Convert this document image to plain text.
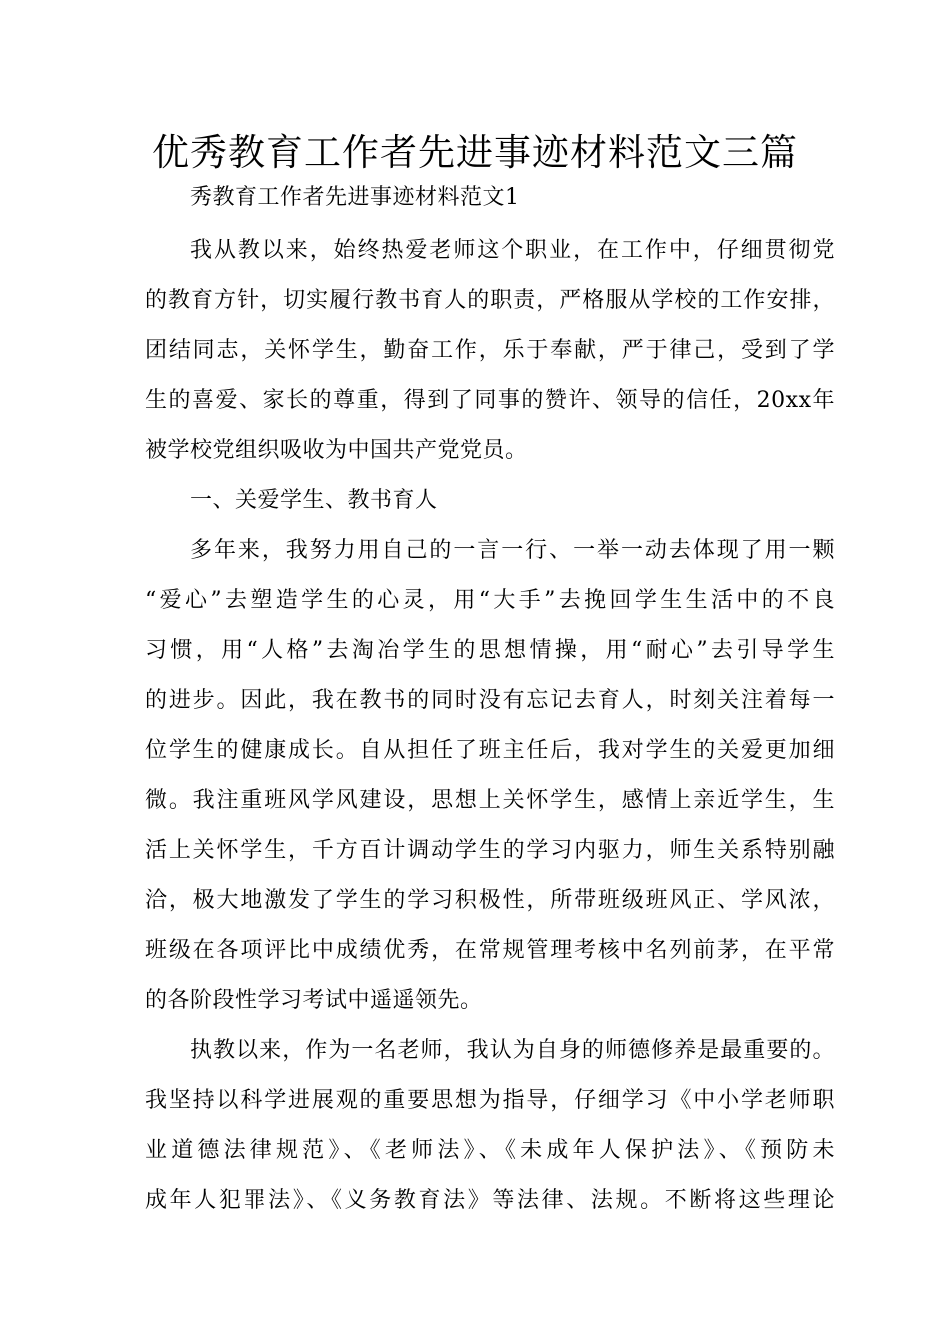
优秀教育工作者先进事迹材料范文三篇
秀教育工作者先进事迹材料范文1
我从教以来，始终热爱老师这个职业，在工作中，仔细贯彻党
的教育方针，切实履行教书育人的职责，严格服从学校的工作安排，
团结同志，关怀学生，勤奋工作，乐于奉献，严于律己，受到了学
生的喜爱、家长的尊重，得到了同事的赞许、领导的信任，20xx年
被学校党组织吸收为中国共产党党员。
一、关爱学生、教书育人
多年来，我努力用自己的一言一行、一举一动去体现了用一颗
“爱心”去塑造学生的心灵，用“大手”去挽回学生生活中的不良
习惯，用“人格”去淘冶学生的思想情操，用“耐心”去引导学生
的进步。因此，我在教书的同时没有忘记去育人，时刻关注着每一
位学生的健康成长。自从担任了班主任后，我对学生的关爱更加细
微。我注重班风学风建设，思想上关怀学生，感情上亲近学生，生
活上关怀学生，千方百计调动学生的学习内驱力，师生关系特别融
洽，极大地激发了学生的学习积极性，所带班级班风正、学风浓，
班级在各项评比中成绩优秀，在常规管理考核中名列前茅，在平常
的各阶段性学习考试中遥遥领先。
执教以来，作为一名老师，我认为自身的师德修养是最重要的。
我坚持以科学进展观的重要思想为指导，仔细学习《中小学老师职
业道德法律规范》、《老师法》、《未成年人保护法》、《预防未
成年人犯罪法》、《义务教育法》等法律、法规。不断将这些理论
